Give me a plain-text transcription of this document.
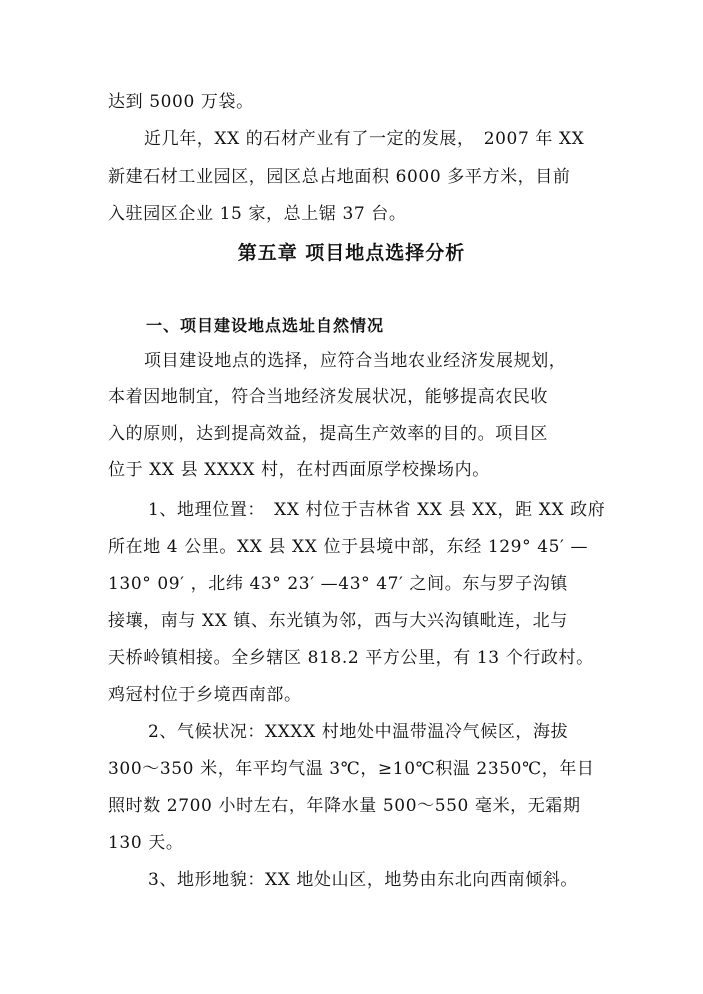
达到 5000 万袋。
近几年，XX 的石材产业有了一定的发展，　2007 年 XX
新建石材工业园区，园区总占地面积 6000 多平方米，目前
入驻园区企业 15 家，总上锯 37 台。
第五章 项目地点选择分析
一、项目建设地点选址自然情况
项目建设地点的选择，应符合当地农业经济发展规划，
本着因地制宜，符合当地经济发展状况，能够提高农民收
入的原则，达到提高效益，提高生产效率的目的。项目区
位于 XX 县 XXXX 村，在村西面原学校操场内。
1、地理位置：　XX 村位于吉林省 XX 县 XX，距 XX 政府
所在地 4 公里。XX 县 XX 位于县境中部，东经 129° 45′ —
130° 09′ ，北纬 43° 23′ —43° 47′ 之间。东与罗子沟镇
接壤，南与 XX 镇、东光镇为邻，西与大兴沟镇毗连，北与
天桥岭镇相接。全乡辖区 818.2 平方公里，有 13 个行政村。
鸡冠村位于乡境西南部。
2、气候状况：XXXX 村地处中温带温冷气候区，海拔
300～350 米，年平均气温 3℃，≥10℃积温 2350℃，年日
照时数 2700 小时左右，年降水量 500～550 毫米，无霜期
130 天。
3、地形地貌：XX 地处山区，地势由东北向西南倾斜。
